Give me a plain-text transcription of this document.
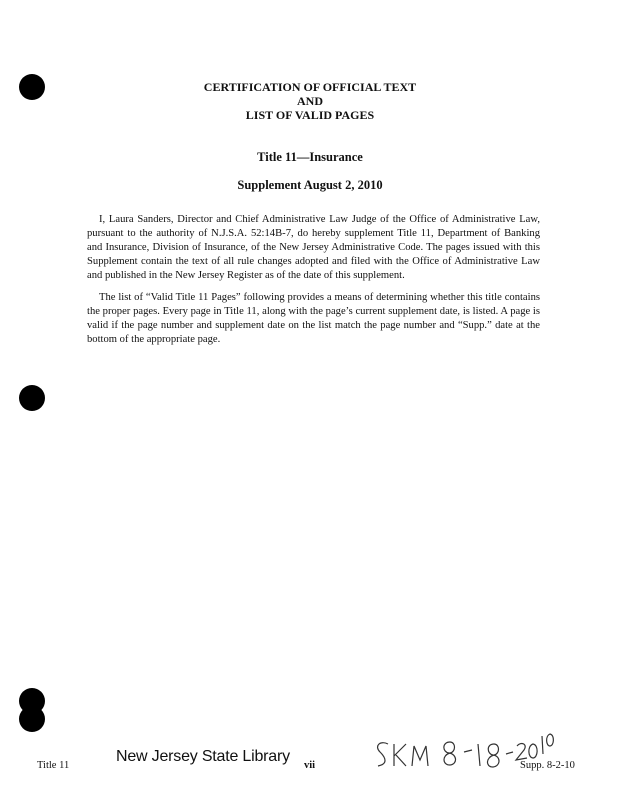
CERTIFICATION OF OFFICIAL TEXT
AND
LIST OF VALID PAGES
Title 11—Insurance
Supplement August 2, 2010

I, Laura Sanders, Director and Chief Administrative Law Judge of the Office of Administrative Law, pursuant to the authority of N.J.S.A. 52:14B-7, do hereby supplement Title 11, Department of Banking and Insurance, Division of Insurance, of the New Jersey Administrative Code. The pages issued with this Supplement contain the text of all rule changes adopted and filed with the Office of Administrative Law and published in the New Jersey Register as of the date of this supplement.

The list of “Valid Title 11 Pages” following provides a means of determining whether this title contains the proper pages. Every page in Title 11, along with the page’s current supplement date, is listed. A page is valid if the page number and supplement date on the list match the page number and “Supp.” date at the bottom of the appropriate page.

Title 11
New Jersey State Library
vii	Supp. 8-2-10
